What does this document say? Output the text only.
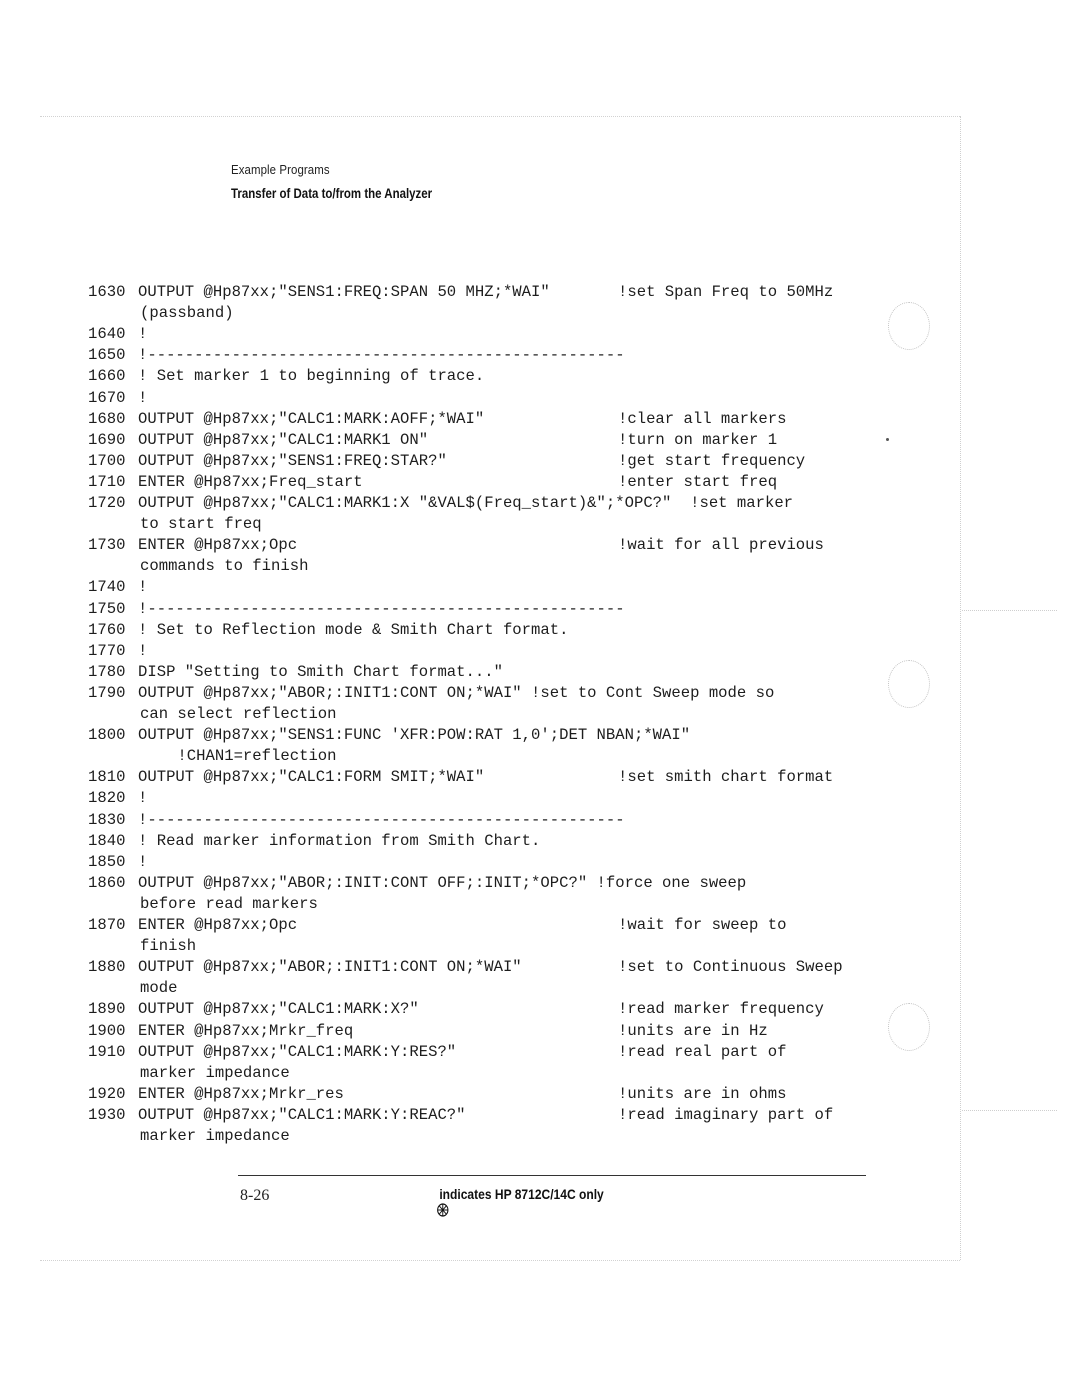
Example Programs
Transfer of Data to/from the Analyzer
1630 OUTPUT @Hp87xx;"SENS1:FREQ:SPAN 50 MHZ;*WAI"	!set Span Freq to 50MHz
(passband)
1640 !
1650 !---------------------------------------------------
1660 ! Set marker 1 to beginning of trace.
1670 !
1680 OUTPUT @Hp87xx;"CALC1:MARK:AOFF;*WAI"	!clear all markers
1690 OUTPUT @Hp87xx;"CALC1:MARK1 ON"	!turn on marker 1
1700 OUTPUT @Hp87xx;"SENS1:FREQ:STAR?"	!get start frequency
1710 ENTER @Hp87xx;Freq_start	!enter start freq
1720 OUTPUT @Hp87xx;"CALC1:MARK1:X "&VAL$(Freq_start)&";*OPC?"  !set marker
to start freq
1730 ENTER @Hp87xx;Opc	!wait for all previous
commands to finish
1740 !
1750 !---------------------------------------------------
1760 ! Set to Reflection mode & Smith Chart format.
1770 !
1780 DISP "Setting to Smith Chart format..."
1790 OUTPUT @Hp87xx;"ABOR;:INIT1:CONT ON;*WAI" !set to Cont Sweep mode so
can select reflection
1800 OUTPUT @Hp87xx;"SENS1:FUNC 'XFR:POW:RAT 1,0';DET NBAN;*WAI"
!CHAN1=reflection
1810 OUTPUT @Hp87xx;"CALC1:FORM SMIT;*WAI"	!set smith chart format
1820 !
1830 !---------------------------------------------------
1840 ! Read marker information from Smith Chart.
1850 !
1860 OUTPUT @Hp87xx;"ABOR;:INIT:CONT OFF;:INIT;*OPC?" !force one sweep
before read markers
1870 ENTER @Hp87xx;Opc	!wait for sweep to
finish
1880 OUTPUT @Hp87xx;"ABOR;:INIT1:CONT ON;*WAI"	!set to Continuous Sweep
mode
1890 OUTPUT @Hp87xx;"CALC1:MARK:X?"	!read marker frequency
1900 ENTER @Hp87xx;Mrkr_freq	!units are in Hz
1910 OUTPUT @Hp87xx;"CALC1:MARK:Y:RES?"	!read real part of
marker impedance
1920 ENTER @Hp87xx;Mrkr_res	!units are in ohms
1930 OUTPUT @Hp87xx;"CALC1:MARK:Y:REAC?"	!read imaginary part of
marker impedance
8-26

	indicates HP 8712C/14C only
